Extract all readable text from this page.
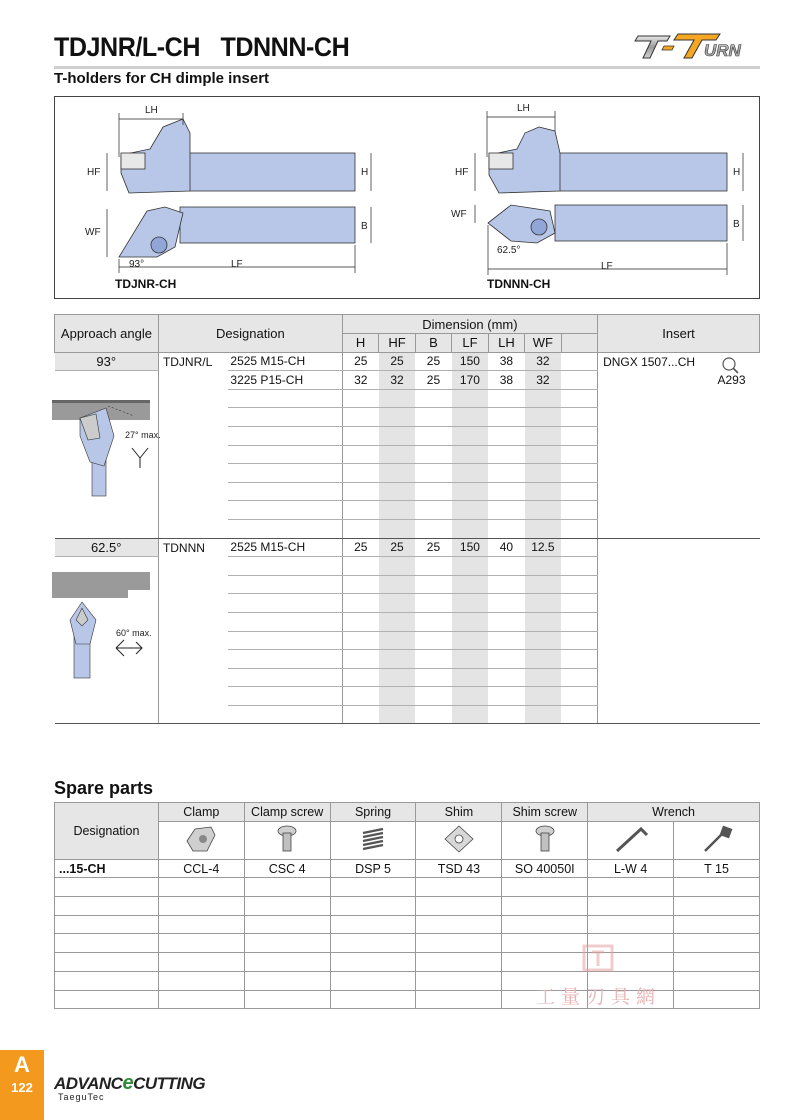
TDJNR/L-CH TDNNN-CH
T-holders for CH dimple insert
URN
LH
HF	H
WF
B
LF
93°
TDJNR-CH
LH
HF	H
WF
B
LF
62.5°
TDNNN-CH
Approach angle	Designation		Dimension (mm)							Insert
			H	HF	B	LF	LH	WF		
93°	TDJNR/L	2525 M15-CH	25	25	25	150	38	32		DNGX 1507...CH
		3225 P15-CH	32	32	25	170	38	32		A293

62.5°	TDNNN	2525 M15-CH	25	25	25	150	40	12.5		

27° max.
60° max.
Spare parts
Designation	Clamp	Clamp screw	Spring	Shim	Shim screw	Wrench	

...15-CH	CCL-4	CSC 4	DSP 5	TSD 43	SO 40050I	L-W 4	T 15

工量刃具網
A
122	ADVANCeCUTTING
TaeguTec
